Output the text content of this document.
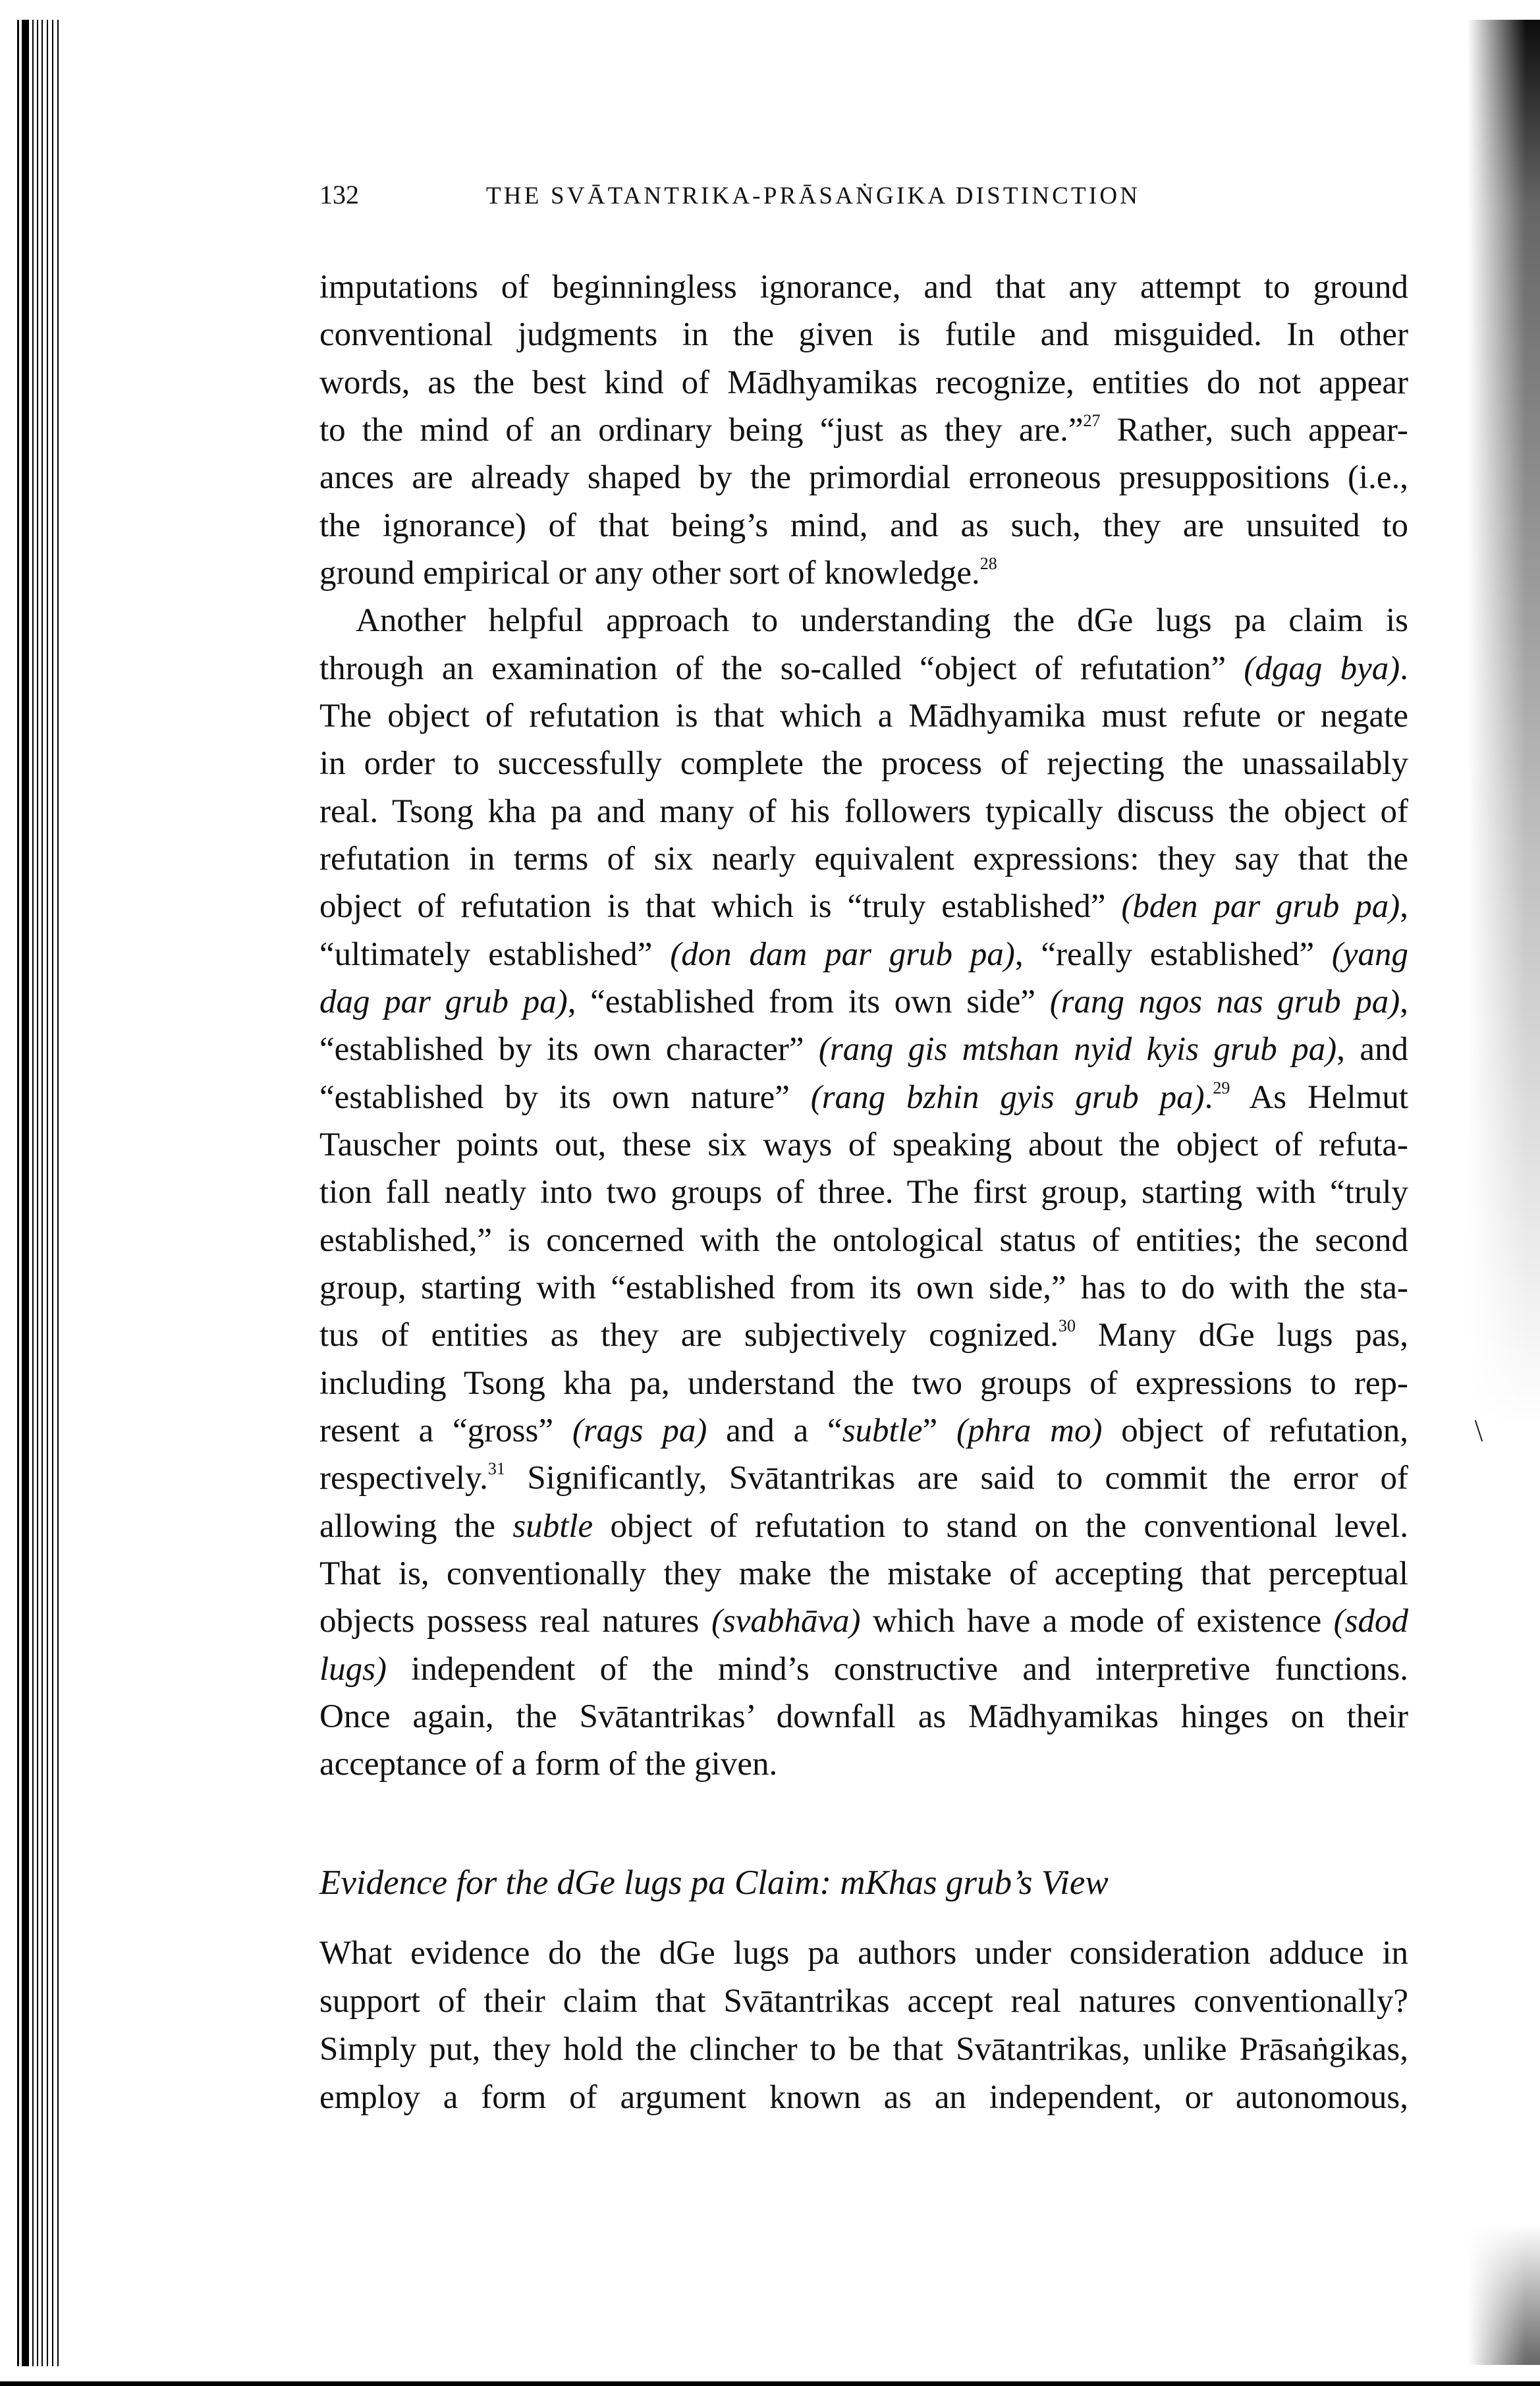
132	THE SVĀTANTRIKA-PRĀSAṄGIKA DISTINCTION
imputations of beginningless ignorance, and that any attempt to ground
conventional judgments in the given is futile and misguided. In other
words, as the best kind of Mādhyamikas recognize, entities do not appear
to the mind of an ordinary being “just as they are.”$^{27}$ Rather, such appear-
ances are already shaped by the primordial erroneous presuppositions (i.e.,
the ignorance) of that being’s mind, and as such, they are unsuited to
ground empirical or any other sort of knowledge.$^{28}$
Another helpful approach to understanding the dGe lugs pa claim is
through an examination of the so-called “object of refutation” (dgag bya).
The object of refutation is that which a Mādhyamika must refute or negate
in order to successfully complete the process of rejecting the unassailably
real. Tsong kha pa and many of his followers typically discuss the object of
refutation in terms of six nearly equivalent expressions: they say that the
object of refutation is that which is “truly established” (bden par grub pa),
“ultimately established” (don dam par grub pa), “really established” (yang
dag par grub pa), “established from its own side” (rang ngos nas grub pa),
“established by its own character” (rang gis mtshan nyid kyis grub pa), and
“established by its own nature” (rang bzhin gyis grub pa).$^{29}$ As Helmut
Tauscher points out, these six ways of speaking about the object of refuta-
tion fall neatly into two groups of three. The first group, starting with “truly
established,” is concerned with the ontological status of entities; the second
group, starting with “established from its own side,” has to do with the sta-
tus of entities as they are subjectively cognized.$^{30}$ Many dGe lugs pas,
including Tsong kha pa, understand the two groups of expressions to rep-
resent a “gross” (rags pa) and a “subtle” (phra mo) object of refutation,
respectively.$^{31}$ Significantly, Svātantrikas are said to commit the error of
allowing the subtle object of refutation to stand on the conventional level.
That is, conventionally they make the mistake of accepting that perceptual
objects possess real natures (svabhāva) which have a mode of existence (sdod
lugs) independent of the mind’s constructive and interpretive functions.
Once again, the Svātantrikas’ downfall as Mādhyamikas hinges on their
acceptance of a form of the given.
Evidence for the dGe lugs pa Claim: mKhas grub’s View
What evidence do the dGe lugs pa authors under consideration adduce in
support of their claim that Svātantrikas accept real natures conventionally?
Simply put, they hold the clincher to be that Svātantrikas, unlike Prāsaṅgikas,
employ a form of argument known as an independent, or autonomous,
